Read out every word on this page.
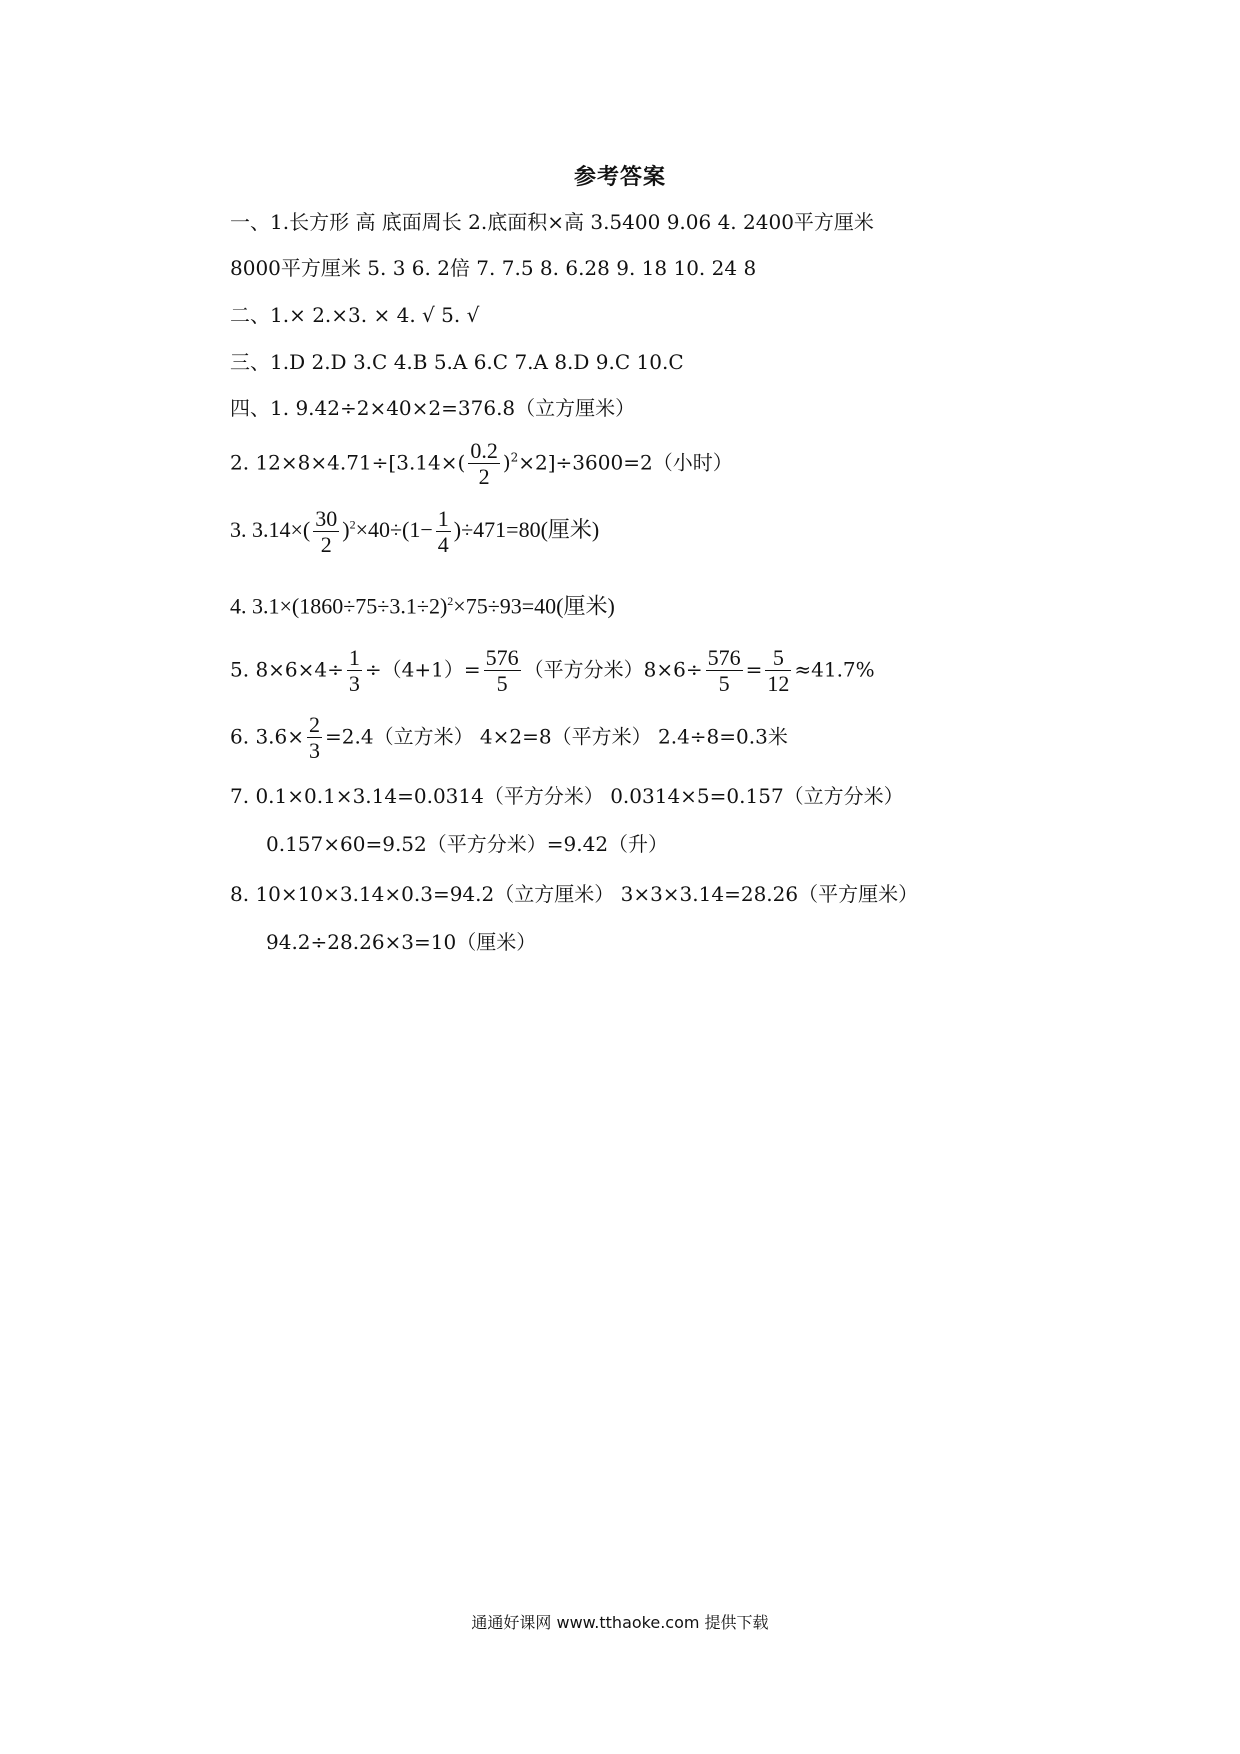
参考答案
一、1.长方形 高 底面周长 2.底面积×高 3.5400 9.06 4. 2400平方厘米
8000平方厘米 5. 3 6. 2倍 7. 7.5 8. 6.28 9. 18 10. 24 8
二、1.× 2.×3. × 4. √ 5. √
三、1.D 2.D 3.C 4.B 5.A 6.C 7.A 8.D 9.C 10.C
四、1. 9.42÷2×40×2=376.8（立方厘米）
2. $12\times 8\times 4.71\div[3.14\times( \frac{0.2}{2} )^2\times 2]\div 3600=2$（小时）
3. $3.14\times( \frac{30}{2} )^2\times 40\div(1- \frac{1}{4} )\div 471=80$(厘米)
4. $3.1\times(1860\div 75\div 3.1\div 2)^2\times 75\div 93=40$(厘米)
5. $8\times 6\times 4\div \frac{1}{3} \div(4+1)= \frac{576}{5}$ （平方分米）$8\times 6\div \frac{576}{5} = \frac{5}{12} \approx 41.7\%$
6. $3.6\times \frac{2}{3} =2.4$（立方米） 4×2=8（平方米） 2.4÷8=0.3米
7. 0.1×0.1×3.14=0.0314（平方分米） 0.0314×5=0.157（立方分米）
0.157×60=9.52（平方分米）=9.42（升）
8. 10×10×3.14×0.3=94.2（立方厘米） 3×3×3.14=28.26（平方厘米）
94.2÷28.26×3=10（厘米）
通通好课网 www.tthaoke.com 提供下载
